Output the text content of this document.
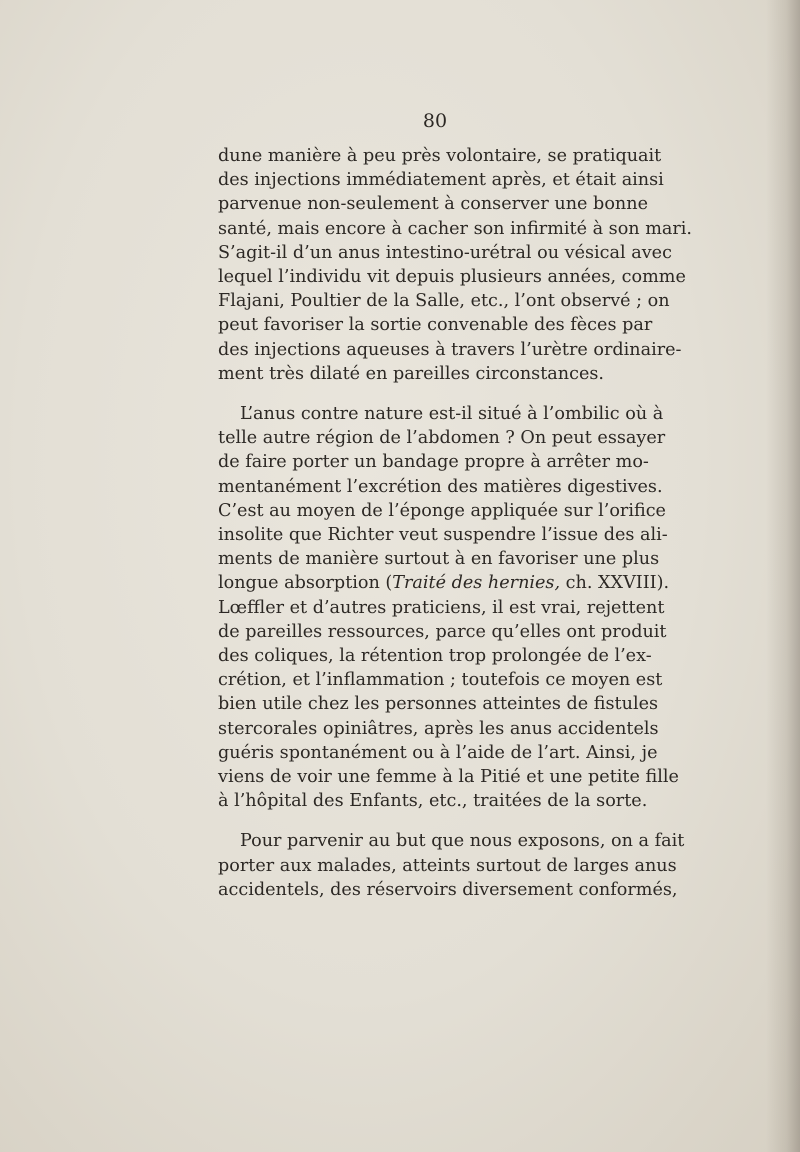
80
dune manière à peu près volontaire, se pratiquait
des injections immédiatement après, et était ainsi
parvenue non-seulement à conserver une bonne
santé, mais encore à cacher son infirmité à son mari.
S’agit-il d’un anus intestino-urétral ou vésical avec
lequel l’individu vit depuis plusieurs années, comme
Flajani, Poultier de la Salle, etc., l’ont observé ; on
peut favoriser la sortie convenable des fèces par
des injections aqueuses à travers l’urètre ordinaire-
ment très dilaté en pareilles circonstances.
L’anus contre nature est-il situé à l’ombilic où à
telle autre région de l’abdomen ? On peut essayer
de faire porter un bandage propre à arrêter mo-
mentanément l’excrétion des matières digestives.
C’est au moyen de l’éponge appliquée sur l’orifice
insolite que Richter veut suspendre l’issue des ali-
ments de manière surtout à en favoriser une plus
longue absorption (Traité des hernies, ch. XXVIII).
Lœffler et d’autres praticiens, il est vrai, rejettent
de pareilles ressources, parce qu’elles ont produit
des coliques, la rétention trop prolongée de l’ex-
crétion, et l’inflammation ; toutefois ce moyen est
bien utile chez les personnes atteintes de fistules
stercorales opiniâtres, après les anus accidentels
guéris spontanément ou à l’aide de l’art. Ainsi, je
viens de voir une femme à la Pitié et une petite fille
à l’hôpital des Enfants, etc., traitées de la sorte.
Pour parvenir au but que nous exposons, on a fait
porter aux malades, atteints surtout de larges anus
accidentels, des réservoirs diversement conformés,
